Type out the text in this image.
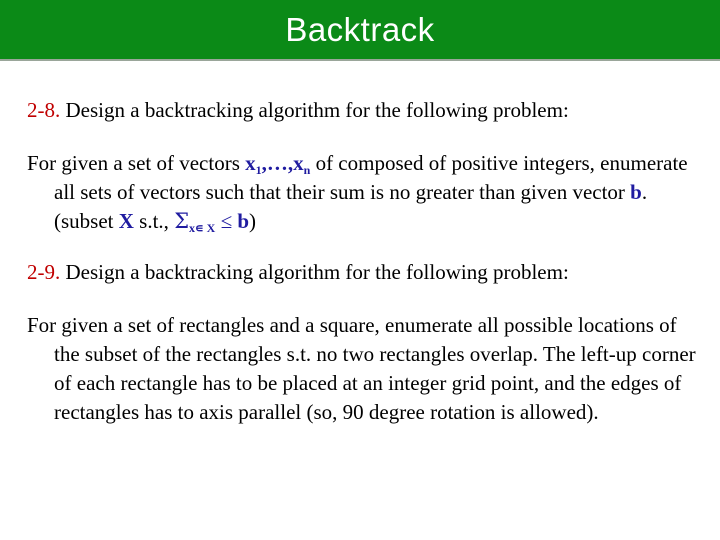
Backtrack

2-8. Design a backtracking algorithm for the following problem:

For given a set of vectors $x_1,\dots,x_n$ of composed of positive integers, enumerate all sets of vectors such that their sum is no greater than given vector b. (subset X s.t., $\Sigma_{x∊ X} \le b$)

2-9. Design a backtracking algorithm for the following problem:

For given a set of rectangles and a square, enumerate all possible locations of the subset of the rectangles s.t. no two rectangles overlap. The left-up corner of each rectangle has to be placed at an integer grid point, and the edges of rectangles has to axis parallel (so, 90 degree rotation is allowed).
